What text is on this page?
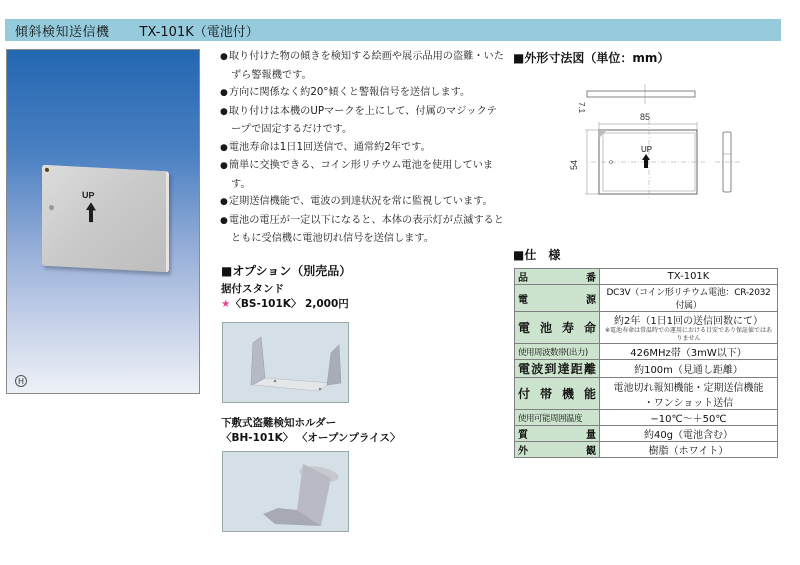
傾斜検知送信機 TX-101K（電池付）
UP
H
● 取り付けた物の傾きを検知する絵画や展示品用の盗難・いたずら警報機です。
● 方向に関係なく約20°傾くと警報信号を送信します。
● 取り付けは本機のUPマークを上にして、付属のマジックテープで固定するだけです。
● 電池寿命は1日1回送信で、通常約2年です。
● 簡単に交換できる、コイン形リチウム電池を使用しています。
● 定期送信機能で、電波の到達状況を常に監視しています。
● 電池の電圧が一定以下になると、本体の表示灯が点滅するとともに受信機に電池切れ信号を送信します。
■オプション（別売品）
据付スタンド
★〈BS-101K〉 2,000円
下敷式盗難検知ホルダー
〈BH-101K〉 〈オープンプライス〉
■外形寸法図（単位：mm）
7.1
85
54
UP
■仕　様
品　番	TX-101K
電　源	DC3V（コイン形リチウム電池：CR-2032付属）
電池寿命	約2年（1日1回の送信回数にて）
※電池寿命は常温時での運用における目安であり保証値ではありません

使用周波数帯(出力)	426MHz帯（3mW以下）
電波到達距離	約100m（見通し距離）
付帯機能	電池切れ報知機能・定期送信機能
・ワンショット送信

使用可能周囲温度	−10℃〜＋50℃
質　量	約40g（電池含む）
外　観	樹脂（ホワイト）
